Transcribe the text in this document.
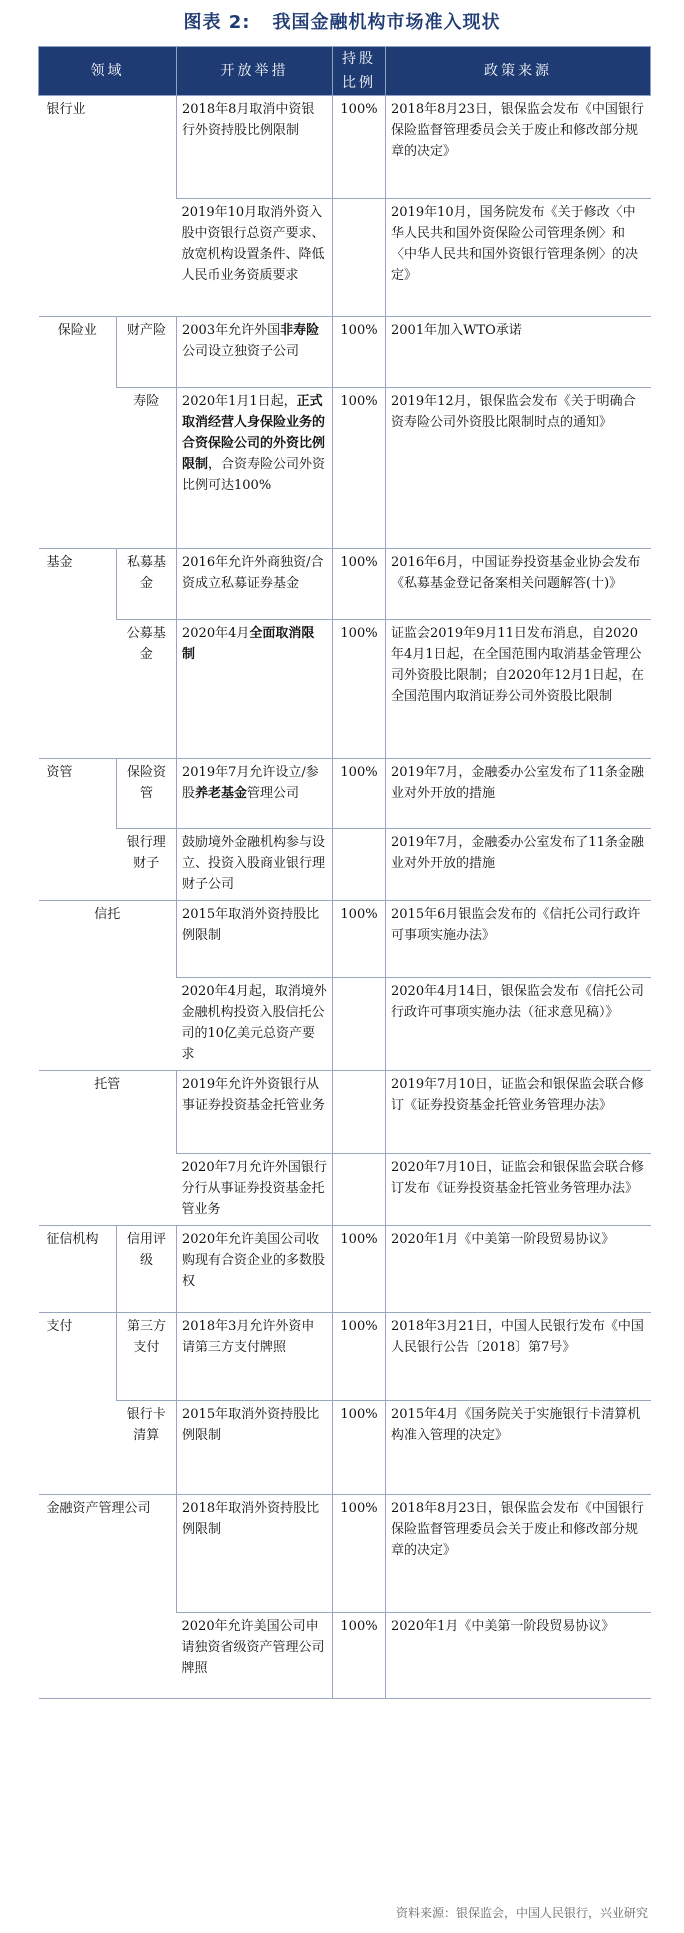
图表 2: 我国金融机构市场准入现状
领域		开放举措	持股比例	政策来源
银行业		2018年8月取消中资银行外资持股比例限制	100%	2018年8月23日，银保监会发布《中国银行保险监督管理委员会关于废止和修改部分规章的决定》
		2019年10月取消外资入股中资银行总资产要求、放宽机构设置条件、降低人民币业务资质要求		2019年10月，国务院发布《关于修改〈中华人民共和国外资保险公司管理条例〉和〈中华人民共和国外资银行管理条例〉的决定》
保险业	财产险	2003年允许外国非寿险公司设立独资子公司	100%	2001年加入WTO承诺
	寿险	2020年1月1日起，正式取消经营人身保险业务的合资保险公司的外资比例限制，合资寿险公司外资比例可达100%	100%	2019年12月，银保监会发布《关于明确合资寿险公司外资股比限制时点的通知》
基金	私募基金	2016年允许外商独资/合资成立私募证券基金	100%	2016年6月，中国证券投资基金业协会发布《私募基金登记备案相关问题解答(十)》
	公募基金	2020年4月全面取消限制	100%	证监会2019年9月11日发布消息，自2020年4月1日起，在全国范围内取消基金管理公司外资股比限制；自2020年12月1日起，在全国范围内取消证券公司外资股比限制
资管	保险资管	2019年7月允许设立/参股养老基金管理公司	100%	2019年7月，金融委办公室发布了11条金融业对外开放的措施
	银行理财子	鼓励境外金融机构参与设立、投资入股商业银行理财子公司		2019年7月，金融委办公室发布了11条金融业对外开放的措施
信托		2015年取消外资持股比例限制	100%	2015年6月银监会发布的《信托公司行政许可事项实施办法》
		2020年4月起，取消境外金融机构投资入股信托公司的10亿美元总资产要求		2020年4月14日，银保监会发布《信托公司行政许可事项实施办法（征求意见稿）》
托管		2019年允许外资银行从事证券投资基金托管业务		2019年7月10日，证监会和银保监会联合修订《证券投资基金托管业务管理办法》
		2020年7月允许外国银行分行从事证券投资基金托管业务		2020年7月10日，证监会和银保监会联合修订发布《证券投资基金托管业务管理办法》
征信机构	信用评级	2020年允许美国公司收购现有合资企业的多数股权	100%	2020年1月《中美第一阶段贸易协议》
支付	第三方支付	2018年3月允许外资申请第三方支付牌照	100%	2018年3月21日，中国人民银行发布《中国人民银行公告〔2018〕第7号》
	银行卡清算	2015年取消外资持股比例限制	100%	2015年4月《国务院关于实施银行卡清算机构准入管理的决定》
金融资产管理公司		2018年取消外资持股比例限制	100%	2018年8月23日，银保监会发布《中国银行保险监督管理委员会关于废止和修改部分规章的决定》
		2020年允许美国公司申请独资省级资产管理公司牌照	100%	2020年1月《中美第一阶段贸易协议》
资料来源：银保监会，中国人民银行，兴业研究
